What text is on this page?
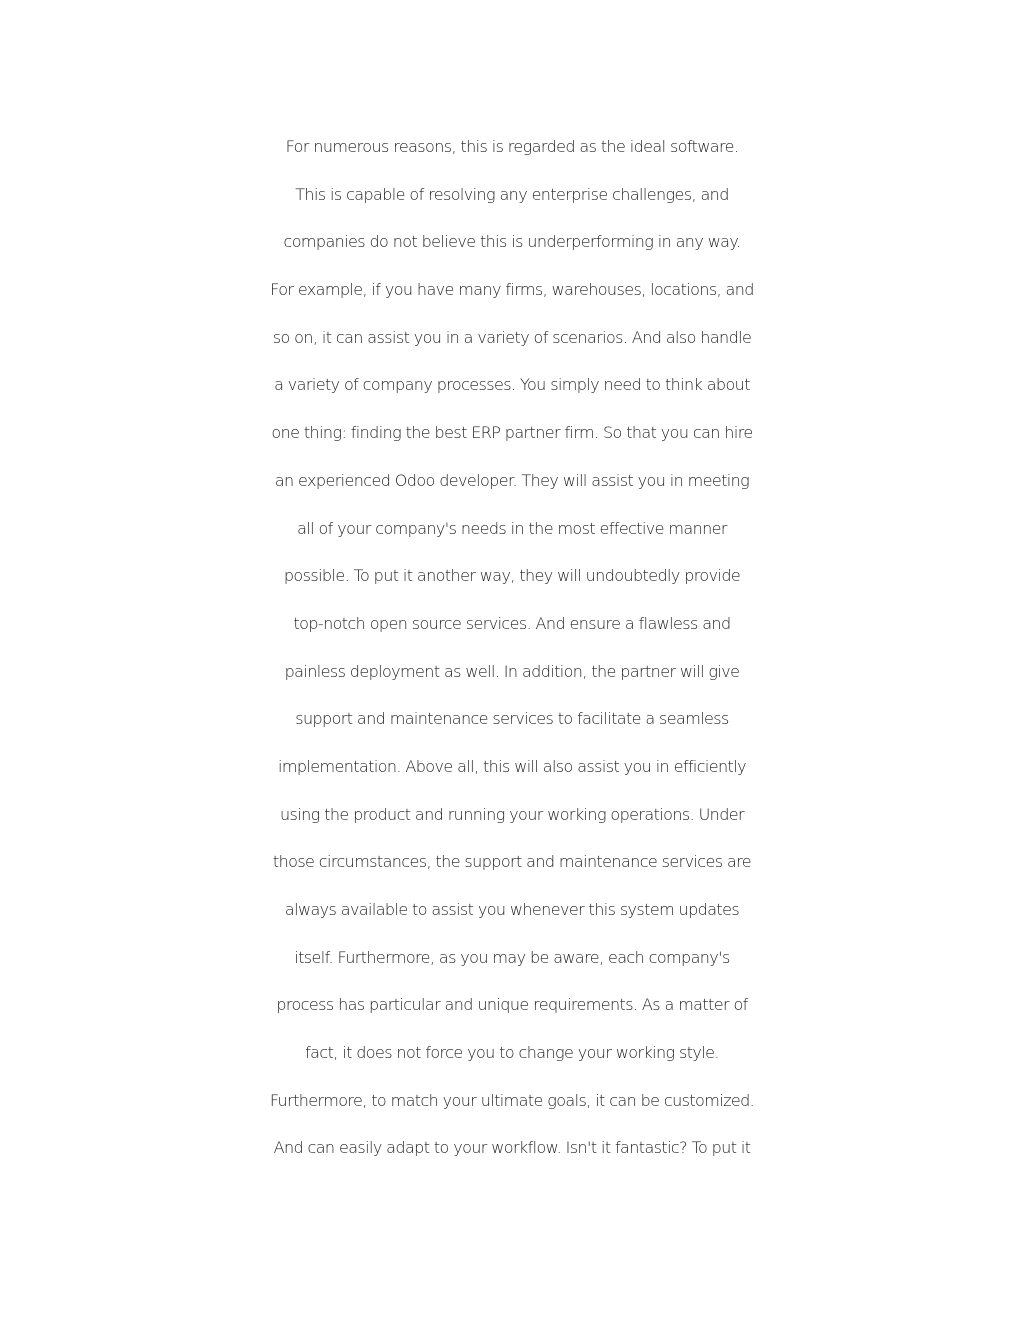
For numerous reasons, this is regarded as the ideal software.
This is capable of resolving any enterprise challenges, and
companies do not believe this is underperforming in any way.
For example, if you have many firms, warehouses, locations, and
so on, it can assist you in a variety of scenarios. And also handle
a variety of company processes. You simply need to think about
one thing: finding the best ERP partner firm. So that you can hire
an experienced Odoo developer. They will assist you in meeting
all of your company's needs in the most effective manner
possible. To put it another way, they will undoubtedly provide
top-notch open source services. And ensure a flawless and
painless deployment as well. In addition, the partner will give
support and maintenance services to facilitate a seamless
implementation. Above all, this will also assist you in efficiently
using the product and running your working operations. Under
those circumstances, the support and maintenance services are
always available to assist you whenever this system updates
itself. Furthermore, as you may be aware, each company's
process has particular and unique requirements. As a matter of
fact, it does not force you to change your working style.
Furthermore, to match your ultimate goals, it can be customized.
And can easily adapt to your workflow. Isn't it fantastic? To put it
